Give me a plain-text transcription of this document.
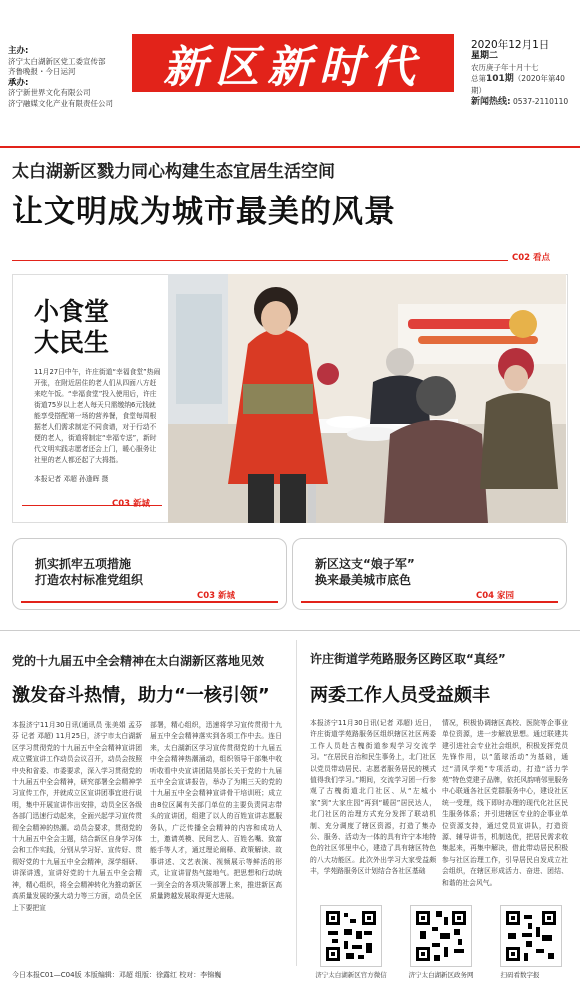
主办:
济宁太白湖新区党工委宣传部
齐鲁晚报・今日运河
承办:
济宁新世界文化有限公司
济宁融媒文化产业有限责任公司
新区新时代	2020年12月1日
星期二
农历庚子年十月十七
总第101期（2020年第40期）
新闻热线: 0537-2110110
太白湖新区戮力同心构建生态宜居生活空间
让文明成为城市最美的风景
C02 看点
小食堂
大民生
11月27日中午，许庄街道“幸福食堂”热闹开张，在附近居住的老人们从四面八方赶来吃午饭。“幸福食堂”投入使用后，许庄街道75岁以上老人每天只需缴纳6元钱就能享受搭配第一场的营养餐，食堂每周根据老人们需求制定不同食谱，对于行动不便的老人，街道将制定“幸福专送”，新时代文明实践志愿者还会上门，暖心服务让社里的老人都还起了大拇指。
本报记者 邓超 孙逢晖 摄
C03 新城
抓实抓牢五项措施
打造农村标准党组织
C03 新城
新区这支“娘子军”
换来最美城市底色
C04 家园
党的十九届五中全会精神在太白湖新区落地见效
激发奋斗热情，助力“一核引领”
本报济宁11月30日讯(通讯员 张美娟 孟芬芬 记者 邓超) 11月25日，济宁市太白湖新区学习贯彻党的十九届五中全会精神宣讲团成立暨宣讲工作动员会议召开，动员会按照中央和省委、市委要求，深入学习贯彻党的十九届五中全会精神，研究部署全会精神学习宣传工作，并就成立区宣讲团事宜进行说明，集中开展宣讲作出安排，动员全区各级各部门迅速行动起来，全面兴起学习宣传贯彻全会精神的热潮。动员会要求，贯彻党的十九届五中全会主题，结合新区自身学习体会和工作实践，分别从学习好、宣传好、贯彻好党的十九届五中全会精神，深学细研、讲深讲透，宣讲好党的十九届五中全会精神，精心组织，将全会精神转化为推动新区高质量发展的强大动力等三方面，动员全区上下要把宣
部署，精心组织，迅速将学习宣传贯彻十九届五中全会精神落实到各项工作中去。连日来，太白湖新区学习宣传贯彻党的十九届五中全会精神热潮涌动，组织领导干部集中收听收看中央宣讲团陆昊部长关于党的十九届五中全会宣讲报告，举办了为期三天的党的十九届五中全会精神宣讲骨干培训班；成立由8位区属有关部门单位的主要负责同志带头的宣讲团，组建了以人的百姓宣讲志愿服务队，广泛传播全会精神的内容和成功人士，邀请英模、民间艺人、百姓名嘴、致富能手等人才，通过理论阐释、政策解读、故事讲述、文艺表演、视频展示等鲜活的形式，让宣讲冒热气接地气。把思想和行动统一到全会的各项决策部署上来，推进新区高质量跨越发展取得更大进展。
许庄街道学苑路服务区跨区取“真经”
两委工作人员受益颇丰
本报济宁11月30日讯(记者 邓超) 近日，许庄街道学苑路服务区组织辖区社区两委工作人员赴古槐街道参观学习交流学习。“在居民自治和民生事务上，北门社区以党员带动居民、志愿者服务居民的模式值得我们学习。”期间，交流学习团一行参观了古槐街道北门社区、从“左城小家”到“大家庄园”再到“暖居”居民达人，北门社区的治理方式充分发挥了联动机制、充分调度了辖区资源，打造了集办公、服务、活动为一体的具有许宁本地特色的社区邻里中心，建造了具有辖区特色的八大功能区。此次外出学习大家受益颇丰，学苑路服务区计划结合各社区基础
情况，积极协调辖区高校、医院等企事业单位资源，进一步解放思想。通过联建共建引进社会专业社会组织，积极发挥党员先锋作用，以“篮球活动”为基础，通过“清风学苑”专项活动，打造“活力学苑”特色党建子品牌，依托风韵哨邻里服务中心联通各社区党群服务中心，建设社区统一受理，线下即时办理的现代化社区民生服务体系；并引进辖区专业的企事业单位资源支持，通过党员宣讲队，打造资源、辅导讲书，机制选优，把居民需求收集起来，再集中解决，借此带动居民积极参与社区治理工作，引导居民自发成立社会组织，在辖区形成活力、奋进、团结、和谐的社会风气。
济宁太白湖新区官方微信	济宁太白湖新区政务网	扫码看数字报
今日本报C01—C04版 本版编辑：邓超 组版：徐露红 校对：李锦巍
